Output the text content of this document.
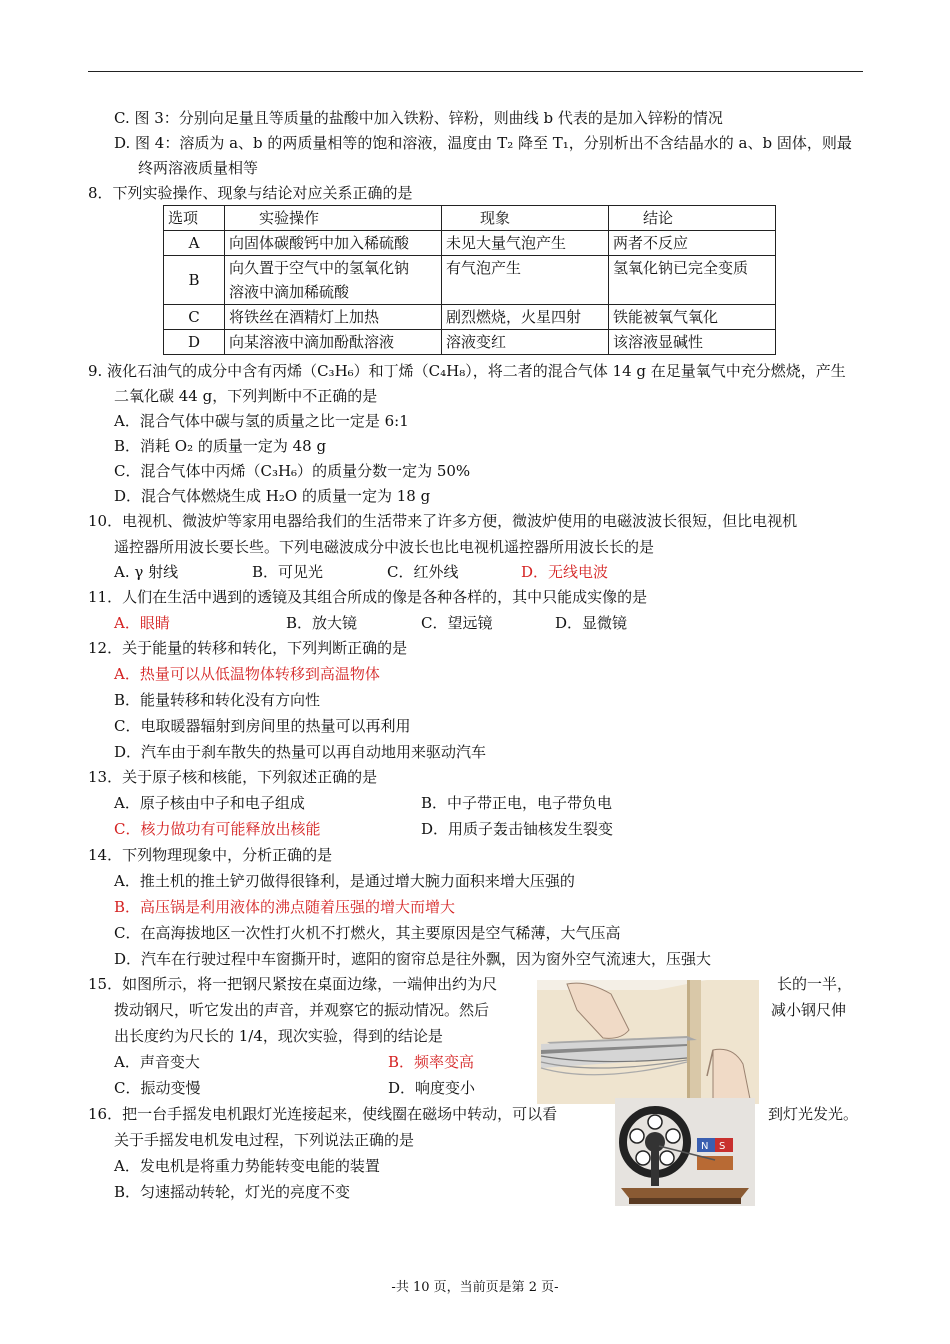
C. 图 3：分别向足量且等质量的盐酸中加入铁粉、锌粉，则曲线 b 代表的是加入锌粉的情况
D. 图 4：溶质为 a、b 的两质量相等的饱和溶液，温度由 T₂ 降至 T₁，分别析出不含结晶水的 a、b 固体，则最
终两溶液质量相等
8．下列实验操作、现象与结论对应关系正确的是
选项	实验操作	现象	结论
A	向固体碳酸钙中加入稀硫酸	未见大量气泡产生	两者不反应
B	向久置于空气中的氢氧化钠
溶液中滴加稀硫酸	有气泡产生	氢氧化钠已完全变质
C	将铁丝在酒精灯上加热	剧烈燃烧，火星四射	铁能被氧气氧化
D	向某溶液中滴加酚酞溶液	溶液变红	该溶液显碱性
9. 液化石油气的成分中含有丙烯（C₃H₆）和丁烯（C₄H₈），将二者的混合气体 14 g 在足量氧气中充分燃烧，产生
二氧化碳 44 g，下列判断中不正确的是
A．混合气体中碳与氢的质量之比一定是 6:1
B．消耗 O₂ 的质量一定为 48 g
C．混合气体中丙烯（C₃H₆）的质量分数一定为 50%
D．混合气体燃烧生成 H₂O 的质量一定为 18 g
10．电视机、微波炉等家用电器给我们的生活带来了许多方便，微波炉使用的电磁波波长很短，但比电视机
遥控器所用波长要长些。下列电磁波成分中波长也比电视机遥控器所用波长长的是
A. γ 射线	B．可见光	C．红外线	D．无线电波
11．人们在生活中遇到的透镜及其组合所成的像是各种各样的，其中只能成实像的是
A．眼睛	B．放大镜	C．望远镜	D．显微镜
12．关于能量的转移和转化，下列判断正确的是
A．热量可以从低温物体转移到高温物体
B．能量转移和转化没有方向性
C．电取暖器辐射到房间里的热量可以再利用
D．汽车由于刹车散失的热量可以再自动地用来驱动汽车
13．关于原子核和核能，下列叙述正确的是
A．原子核由中子和电子组成	B．中子带正电，电子带负电
C．核力做功有可能释放出核能	D．用质子轰击铀核发生裂变
14．下列物理现象中，分析正确的是
A．推土机的推土铲刃做得很锋利，是通过增大腕力面积来增大压强的
B．高压锅是利用液体的沸点随着压强的增大而增大
C．在高海拔地区一次性打火机不打燃火，其主要原因是空气稀薄，大气压高
D．汽车在行驶过程中车窗撕开时，遮阳的窗帘总是往外飘，因为窗外空气流速大，压强大
15．如图所示，将一把钢尺紧按在桌面边缘，一端伸出约为尺	长的一半，
拨动钢尺，听它发出的声音，并观察它的振动情况。然后	减小钢尺伸
出长度约为尺长的 1/4，现次实验，得到的结论是
A．声音变大	B．频率变高
C．振动变慢	D．响度变小
16．把一台手摇发电机跟灯光连接起来，使线圈在磁场中转动，可以看	到灯光发光。
关于手摇发电机发电过程，下列说法正确的是
A．发电机是将重力势能转变电能的装置
B．匀速摇动转轮，灯光的亮度不变
N S
-共 10 页，当前页是第 2 页-
